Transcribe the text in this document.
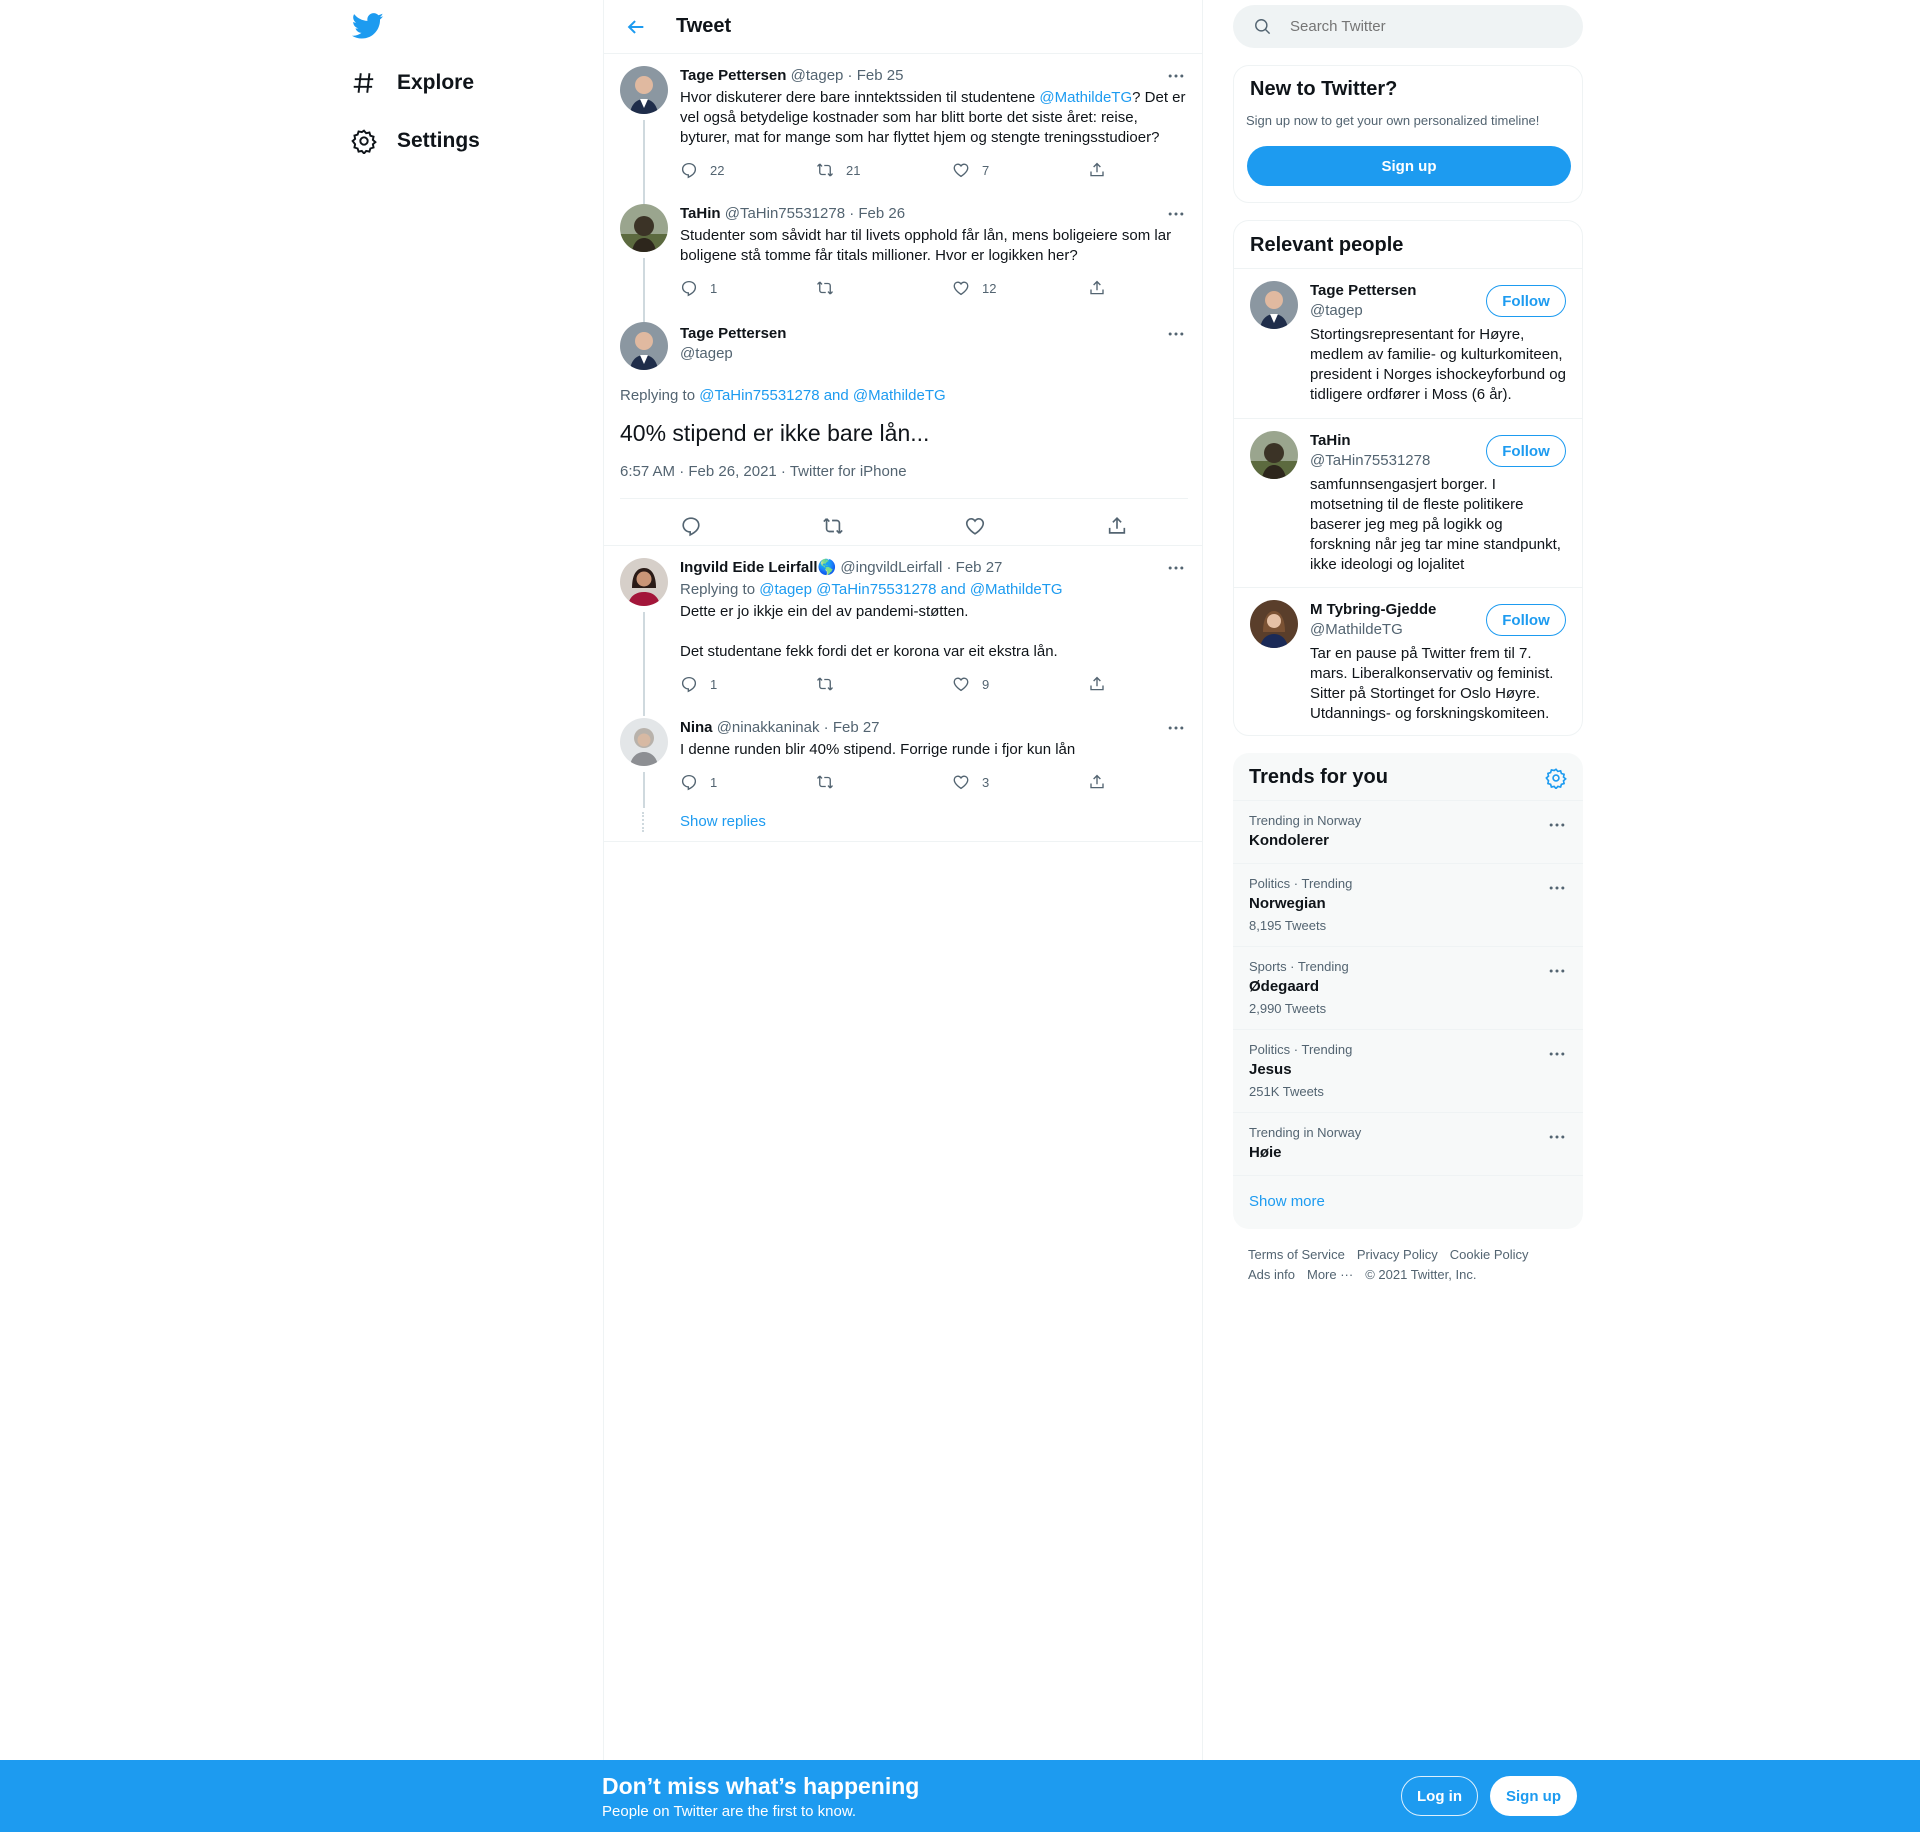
Explore
Settings
Tweet
Tage Pettersen @tagep · Feb 25
Hvor diskuterer dere bare inntektssiden til studentene @MathildeTG? Det er vel også betydelige kostnader som har blitt borte det siste året: reise, byturer, mat for mange som har flyttet hjem og stengte treningsstudioer?
22	21	7
TaHin @TaHin75531278 · Feb 26
Studenter som såvidt har til livets opphold får lån, mens boligeiere som lar boligene stå tomme får titals millioner. Hvor er logikken her?
1	12
Tage Pettersen
@tagep
Replying to @TaHin75531278 and @MathildeTG
40% stipend er ikke bare lån...
6:57 AM · Feb 26, 2021 · Twitter for iPhone
Ingvild Eide Leirfall🌎 @ingvildLeirfall · Feb 27
Replying to @tagep @TaHin75531278 and @MathildeTG
Dette er jo ikkje ein del av pandemi-støtten.
Det studentane fekk fordi det er korona var eit ekstra lån.
1	9
Nina @ninakkaninak · Feb 27
I denne runden blir 40% stipend. Forrige runde i fjor kun lån
1	3
Show replies
Search Twitter
New to Twitter?
Sign up now to get your own personalized timeline!
Sign up
Relevant people
Tage Pettersen
@tagep
Stortingsrepresentant for Høyre, medlem av familie- og kulturkomiteen, president i Norges ishockeyforbund og tidligere ordfører i Moss (6 år).
Follow
TaHin
@TaHin75531278
samfunnsengasjert borger. I motsetning til de fleste politikere baserer jeg meg på logikk og forskning når jeg tar mine standpunkt, ikke ideologi og lojalitet
Follow
M Tybring-Gjedde
@MathildeTG
Tar en pause på Twitter frem til 7. mars. Liberalkonservativ og feminist. Sitter på Stortinget for Oslo Høyre. Utdannings- og forskningskomiteen.
Follow
Trends for you
Trending in Norway
Kondolerer
Politics · Trending
Norwegian
8,195 Tweets
Sports · Trending
Ødegaard
2,990 Tweets
Politics · Trending
Jesus
251K Tweets
Trending in Norway
Høie
Show more
Terms of Service Privacy Policy Cookie Policy
Ads info More ··· © 2021 Twitter, Inc.
Don’t miss what’s happening
People on Twitter are the first to know.
Log in	Sign up
